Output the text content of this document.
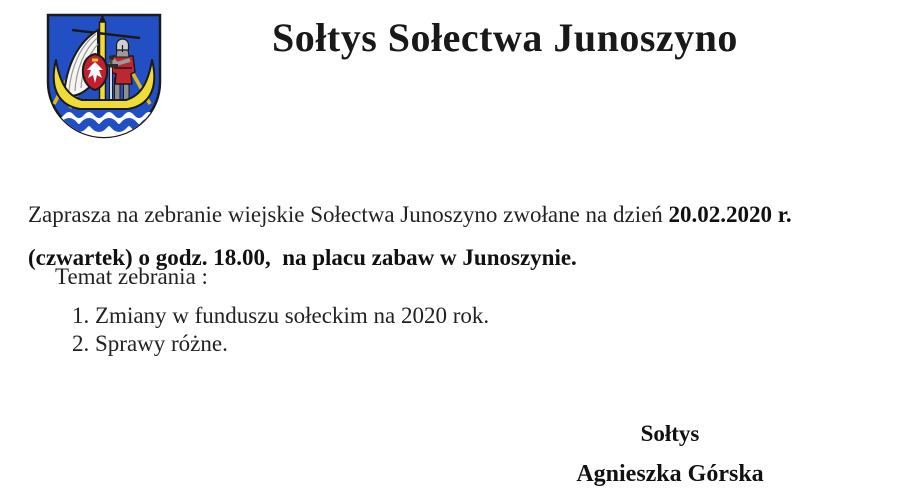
Sołtys Sołectwa Junoszyno

Zaprasza na zebranie wiejskie Sołectwa Junoszyno zwołane na dzień 20.02.2020 r.
(czwartek) o godz. 18.00,  na placu zabaw w Junoszynie.

Temat zebrania :
1. Zmiany w funduszu sołeckim na 2020 rok.
2. Sprawy różne.
Sołtys
Agnieszka Górska
